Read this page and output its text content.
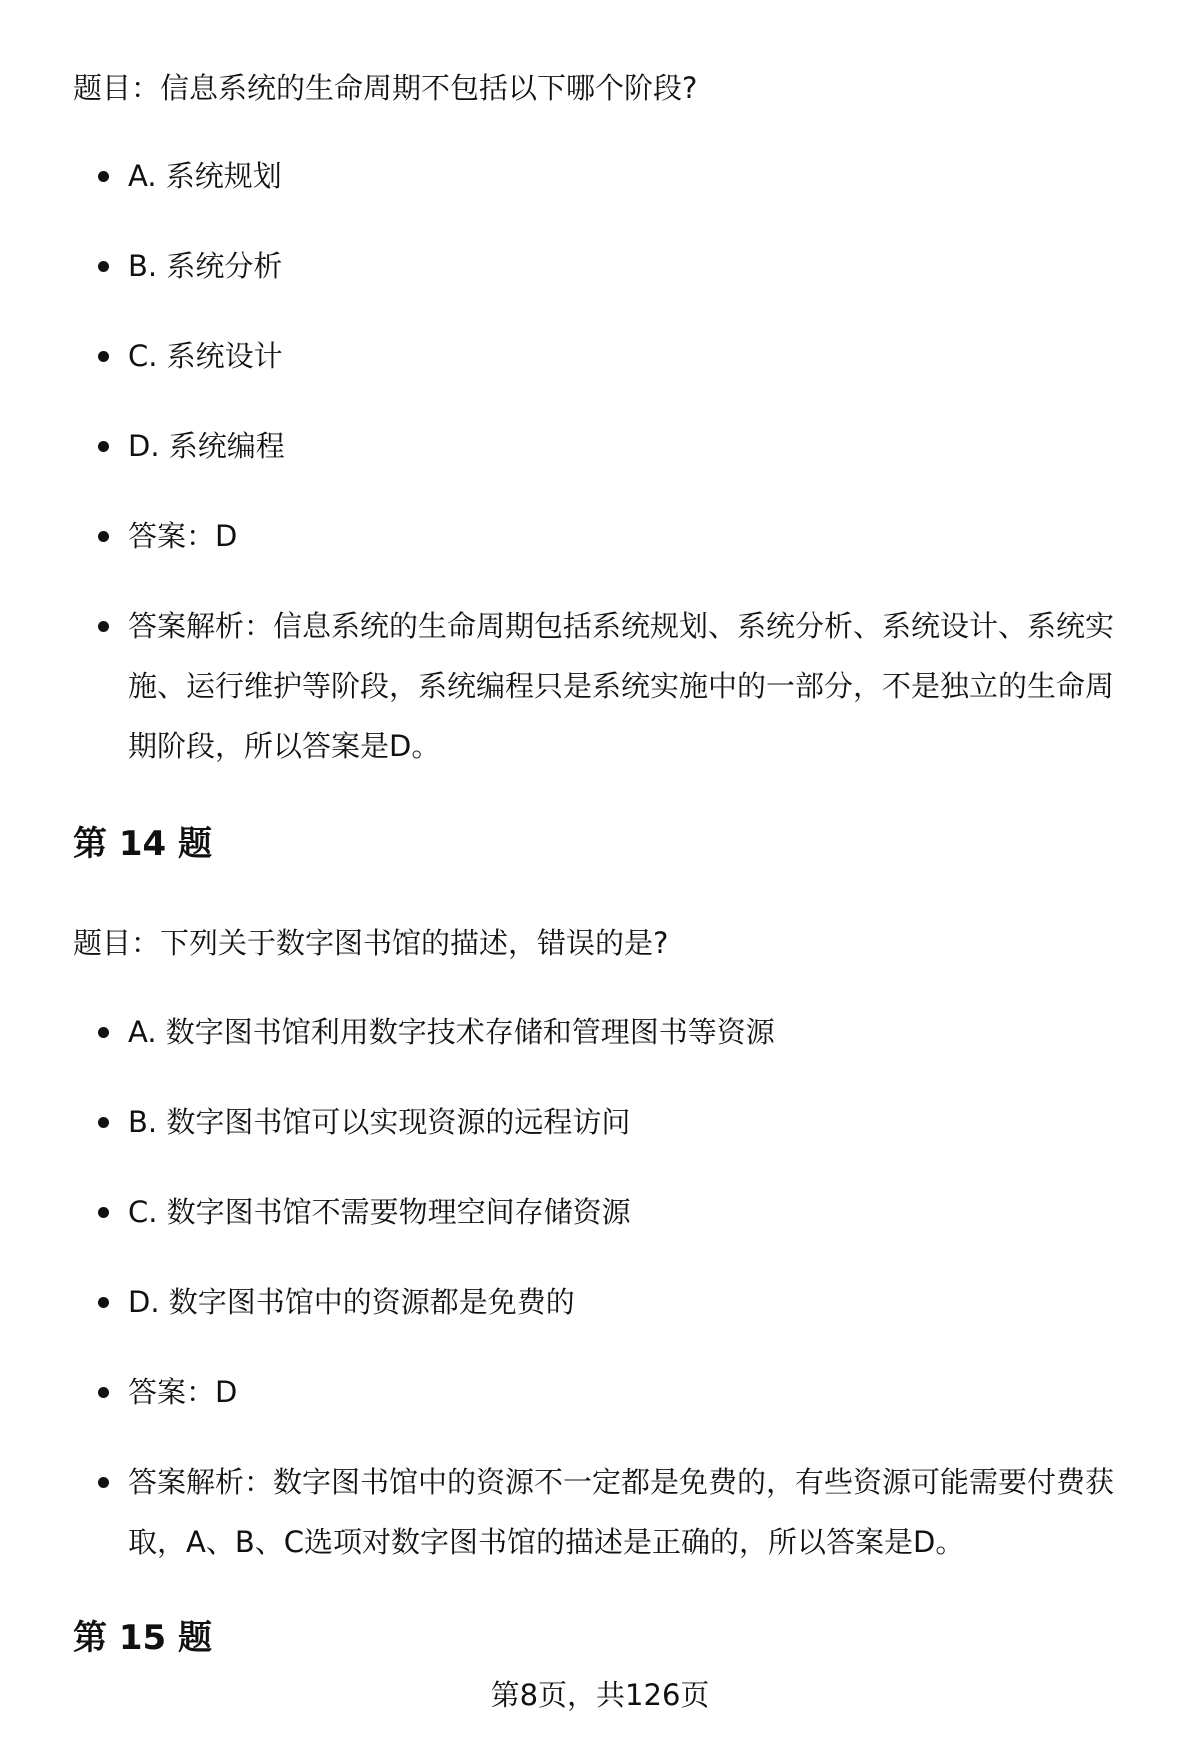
题目：信息系统的生命周期不包括以下哪个阶段?
A. 系统规划
B. 系统分析
C. 系统设计
D. 系统编程
答案：D
答案解析：信息系统的生命周期包括系统规划、系统分析、系统设计、系统实施、运行维护等阶段，系统编程只是系统实施中的一部分，不是独立的生命周期阶段，所以答案是D。
第 14 题
题目：下列关于数字图书馆的描述，错误的是?
A. 数字图书馆利用数字技术存储和管理图书等资源
B. 数字图书馆可以实现资源的远程访问
C. 数字图书馆不需要物理空间存储资源
D. 数字图书馆中的资源都是免费的
答案：D
答案解析：数字图书馆中的资源不一定都是免费的，有些资源可能需要付费获取，A、B、C选项对数字图书馆的描述是正确的，所以答案是D。
第 15 题
第8页，共126页
